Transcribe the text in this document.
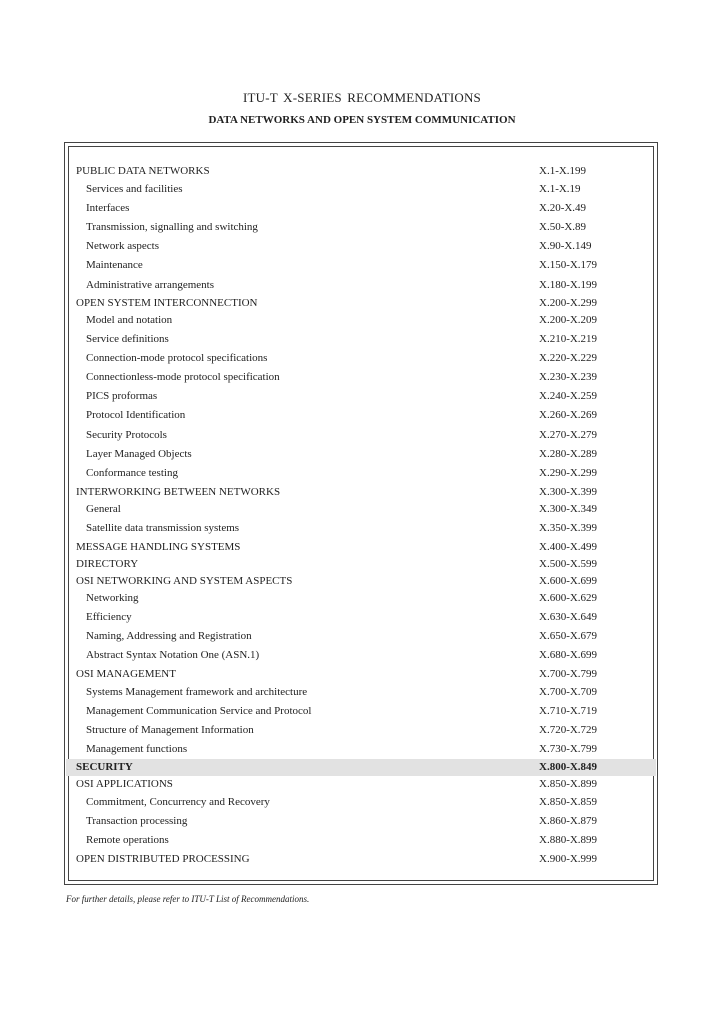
ITU-T X-SERIES RECOMMENDATIONS
DATA NETWORKS AND OPEN SYSTEM COMMUNICATION
PUBLIC DATA NETWORKS	X.1-X.199
Services and facilities	X.1-X.19
Interfaces	X.20-X.49
Transmission, signalling and switching	X.50-X.89
Network aspects	X.90-X.149
Maintenance	X.150-X.179
Administrative arrangements	X.180-X.199
OPEN SYSTEM INTERCONNECTION	X.200-X.299
Model and notation	X.200-X.209
Service definitions	X.210-X.219
Connection-mode protocol specifications	X.220-X.229
Connectionless-mode protocol specification	X.230-X.239
PICS proformas	X.240-X.259
Protocol Identification	X.260-X.269
Security Protocols	X.270-X.279
Layer Managed Objects	X.280-X.289
Conformance testing	X.290-X.299
INTERWORKING BETWEEN NETWORKS	X.300-X.399
General	X.300-X.349
Satellite data transmission systems	X.350-X.399
MESSAGE HANDLING SYSTEMS	X.400-X.499
DIRECTORY	X.500-X.599
OSI NETWORKING AND SYSTEM ASPECTS	X.600-X.699
Networking	X.600-X.629
Efficiency	X.630-X.649
Naming, Addressing and Registration	X.650-X.679
Abstract Syntax Notation One (ASN.1)	X.680-X.699
OSI MANAGEMENT	X.700-X.799
Systems Management framework and architecture	X.700-X.709
Management Communication Service and Protocol	X.710-X.719
Structure of Management Information	X.720-X.729
Management functions	X.730-X.799
SECURITY	X.800-X.849
OSI APPLICATIONS	X.850-X.899
Commitment, Concurrency and Recovery	X.850-X.859
Transaction processing	X.860-X.879
Remote operations	X.880-X.899
OPEN DISTRIBUTED PROCESSING	X.900-X.999
For further details, please refer to ITU-T List of Recommendations.
